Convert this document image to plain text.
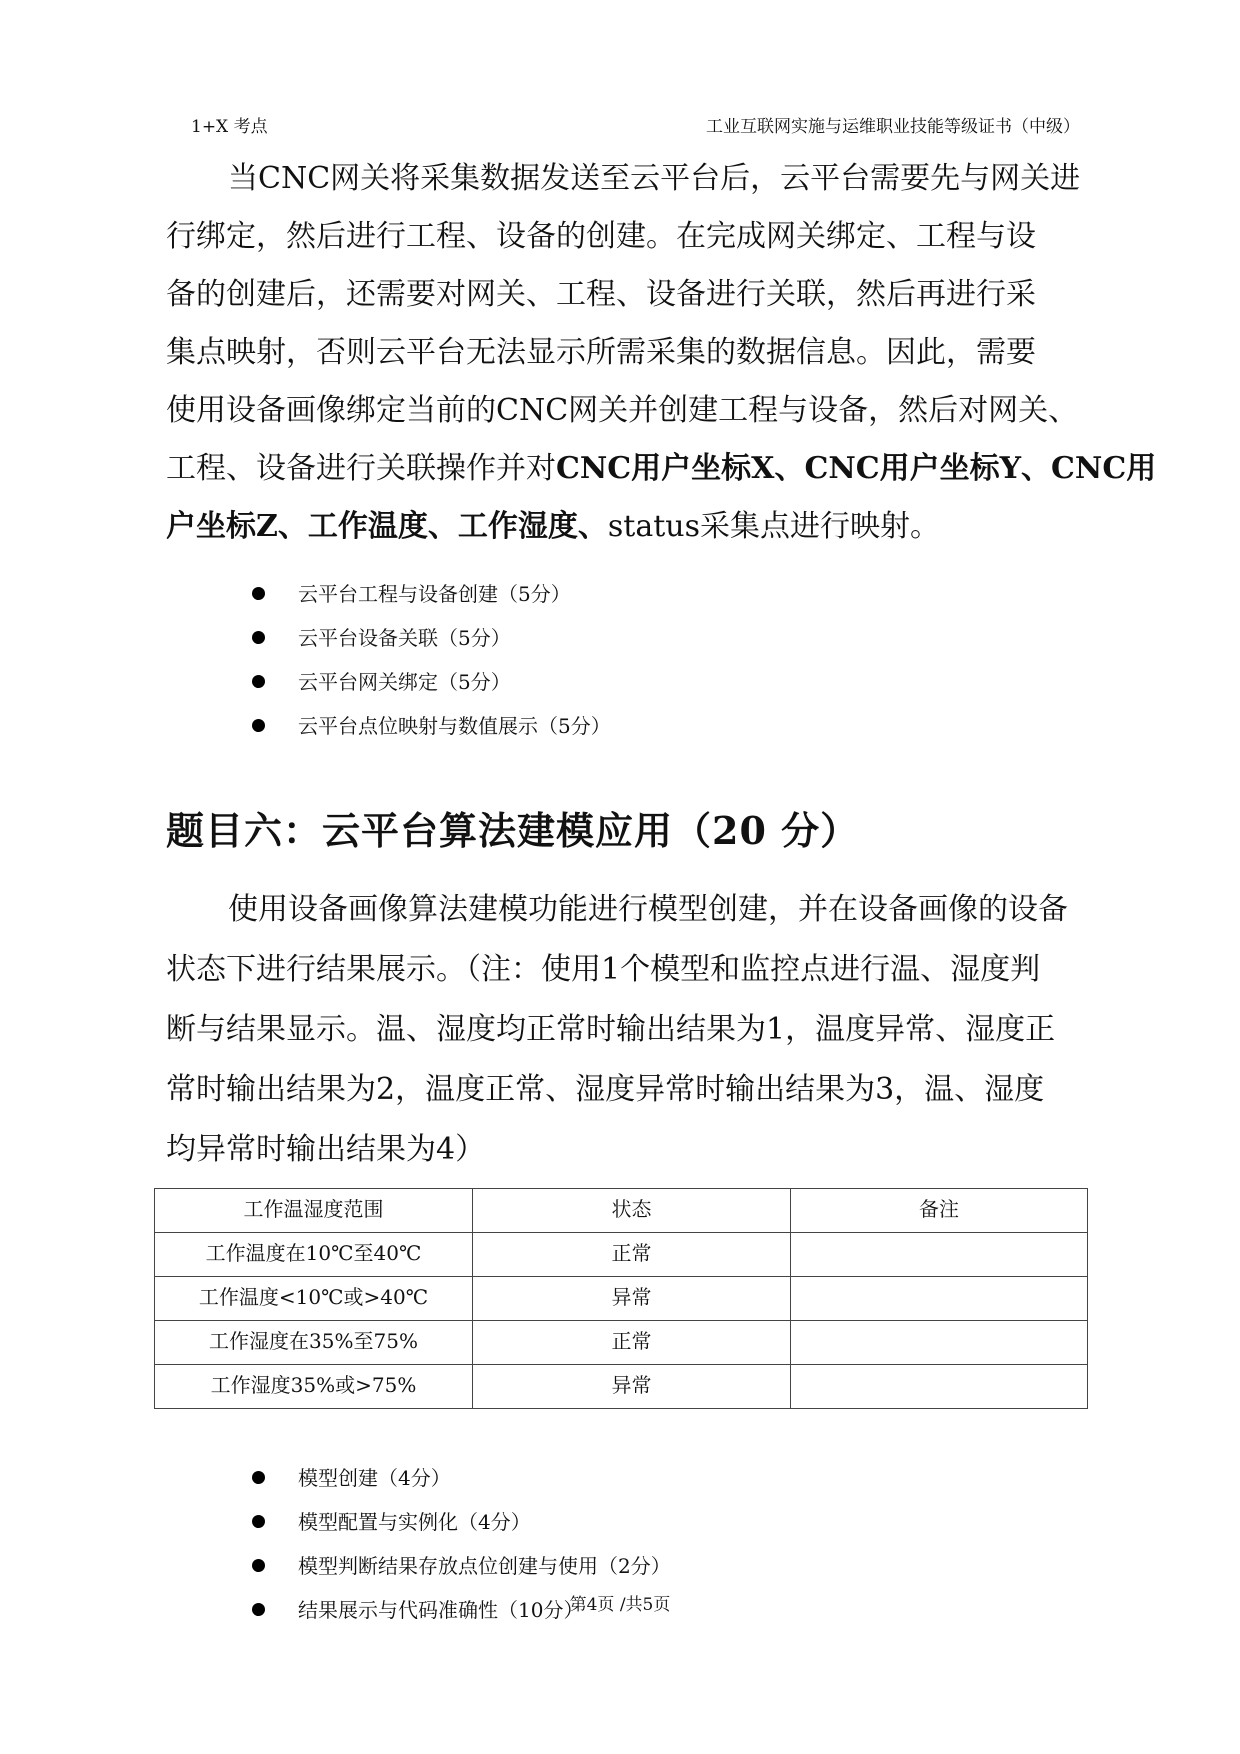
1+X 考点	工业互联网实施与运维职业技能等级证书（中级）
当CNC网关将采集数据发送至云平台后，云平台需要先与网关进
行绑定，然后进行工程、设备的创建。在完成网关绑定、工程与设
备的创建后，还需要对网关、工程、设备进行关联，然后再进行采
集点映射，否则云平台无法显示所需采集的数据信息。因此，需要
使用设备画像绑定当前的CNC网关并创建工程与设备，然后对网关、
工程、设备进行关联操作并对CNC用户坐标X、CNC用户坐标Y、CNC用
户坐标Z、工作温度、工作湿度、status采集点进行映射。
云平台工程与设备创建（5分）
云平台设备关联（5分）
云平台网关绑定（5分）
云平台点位映射与数值展示（5分）
题目六：云平台算法建模应用（20 分）
使用设备画像算法建模功能进行模型创建，并在设备画像的设备
状态下进行结果展示。（注：使用1个模型和监控点进行温、湿度判
断与结果显示。温、湿度均正常时输出结果为1，温度异常、湿度正
常时输出结果为2，温度正常、湿度异常时输出结果为3，温、湿度
均异常时输出结果为4）
工作温湿度范围	状态	备注
工作温度在10℃至40℃	正常	
工作温度<10℃或>40℃	异常	
工作湿度在35%至75%	正常	
工作湿度35%或>75%	异常	
模型创建（4分）
模型配置与实例化（4分）
模型判断结果存放点位创建与使用（2分）
结果展示与代码准确性（10分）
第4页 /共5页
